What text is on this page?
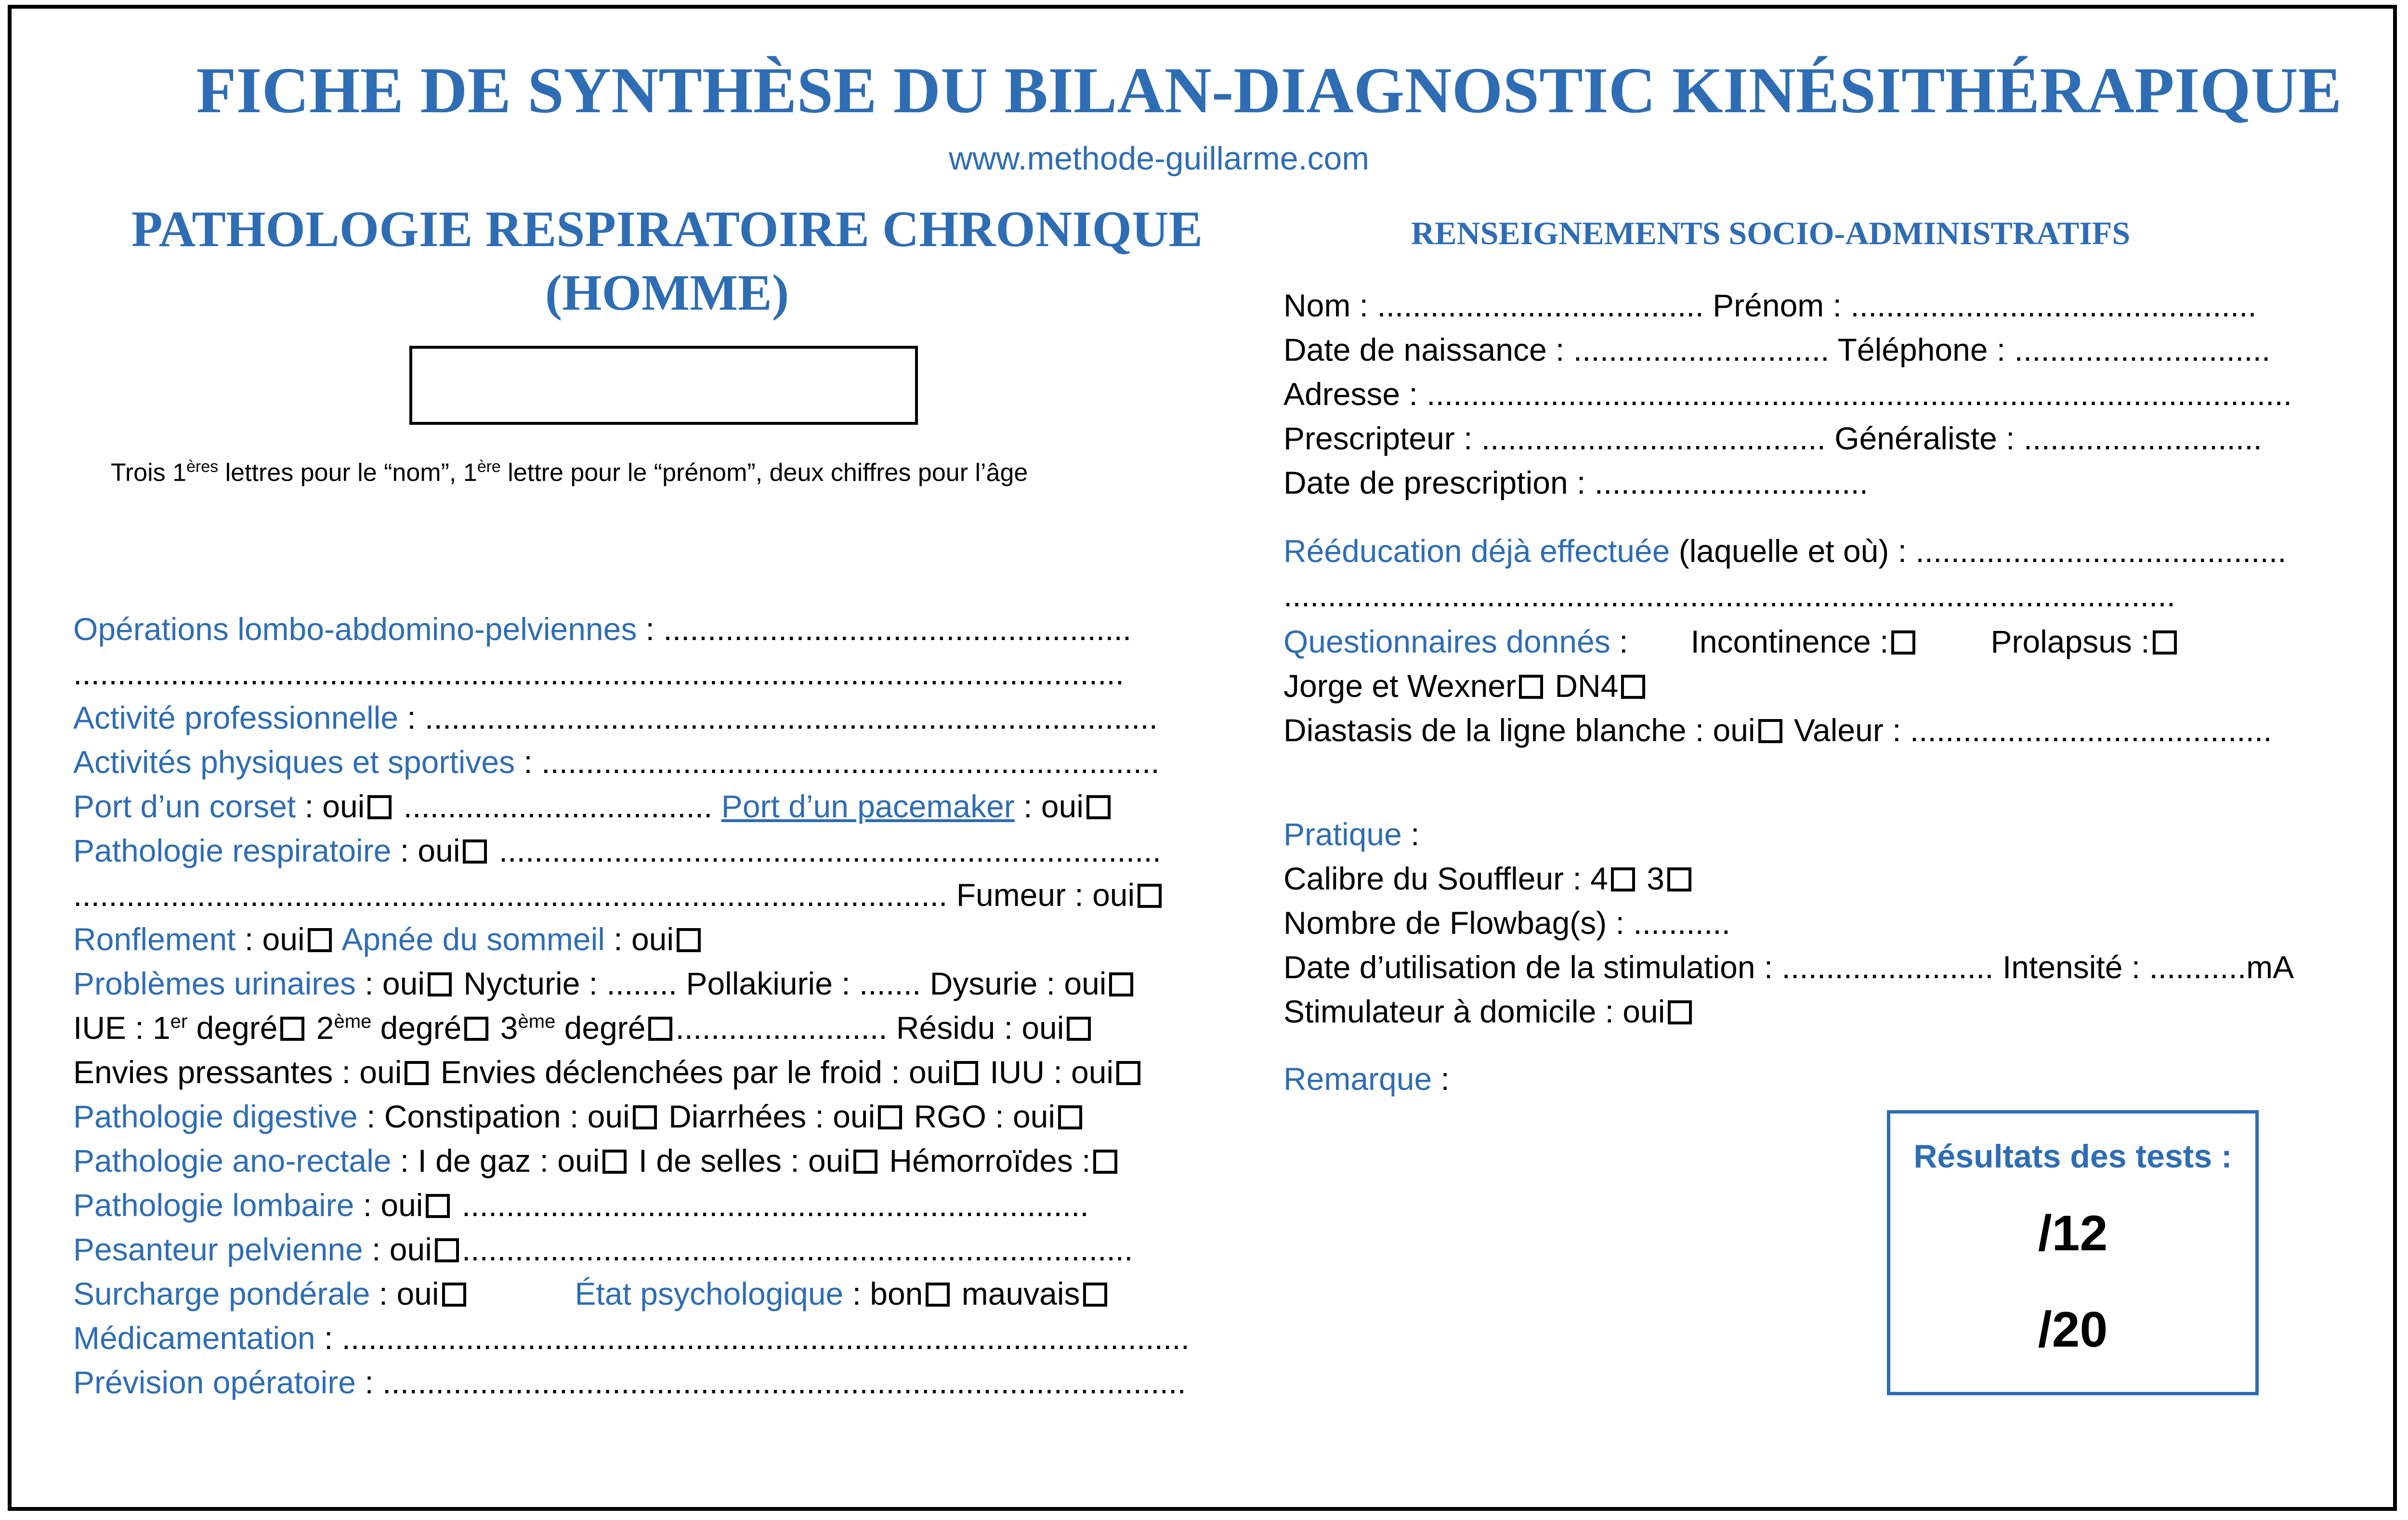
FICHE DE SYNTHÈSE DU BILAN-DIAGNOSTIC KINÉSITHÉRAPIQUE
www.methode-guillarme.com
PATHOLOGIE RESPIRATOIRE CHRONIQUE
(HOMME)
Trois 1ères lettres pour le “nom”, 1ère lettre pour le “prénom”, deux chiffres pour l’âge
Opérations lombo-abdomino-pelviennes : .....................................................
.......................................................................................................................
Activité professionnelle : ...................................................................................
Activités physiques et sportives : ......................................................................
Port d’un corset : oui ................................... Port d’un pacemaker : oui
Pathologie respiratoire : oui ...........................................................................
................................................................................................... Fumeur : oui
Ronflement : oui Apnée du sommeil : oui
Problèmes urinaires : oui Nycturie : ........ Pollakiurie : ....... Dysurie : oui
IUE : 1er degré 2ème degré 3ème degré ........................ Résidu : oui
Envies pressantes : oui Envies déclenchées par le froid : oui IUU : oui
Pathologie digestive : Constipation : oui Diarrhées : oui RGO : oui
Pathologie ano-rectale : I de gaz : oui I de selles : oui Hémorroïdes :
Pathologie lombaire : oui .......................................................................
Pesanteur pelvienne : oui ............................................................................
Surcharge pondérale : oui	État psychologique : bon mauvais
Médicamentation : ................................................................................................
Prévision opératoire : ...........................................................................................
RENSEIGNEMENTS SOCIO-ADMINISTRATIFS
Nom : ..................................... Prénom : ..............................................
Date de naissance : ............................. Téléphone : .............................
Adresse : ..................................................................................................
Prescripteur : ....................................... Généraliste : ...........................
Date de prescription : ...............................
Rééducation déjà effectuée (laquelle et où) : ..........................................
.....................................................................................................
Questionnaires donnés : Incontinence :	Prolapsus :
Jorge et Wexner DN4
Diastasis de la ligne blanche : oui Valeur : .........................................
Pratique :
Calibre du Souffleur : 4 3
Nombre de Flowbag(s) : ...........
Date d’utilisation de la stimulation : ........................ Intensité : ...........mA
Stimulateur à domicile : oui
Remarque :
Résultats des tests :
/12
/20
